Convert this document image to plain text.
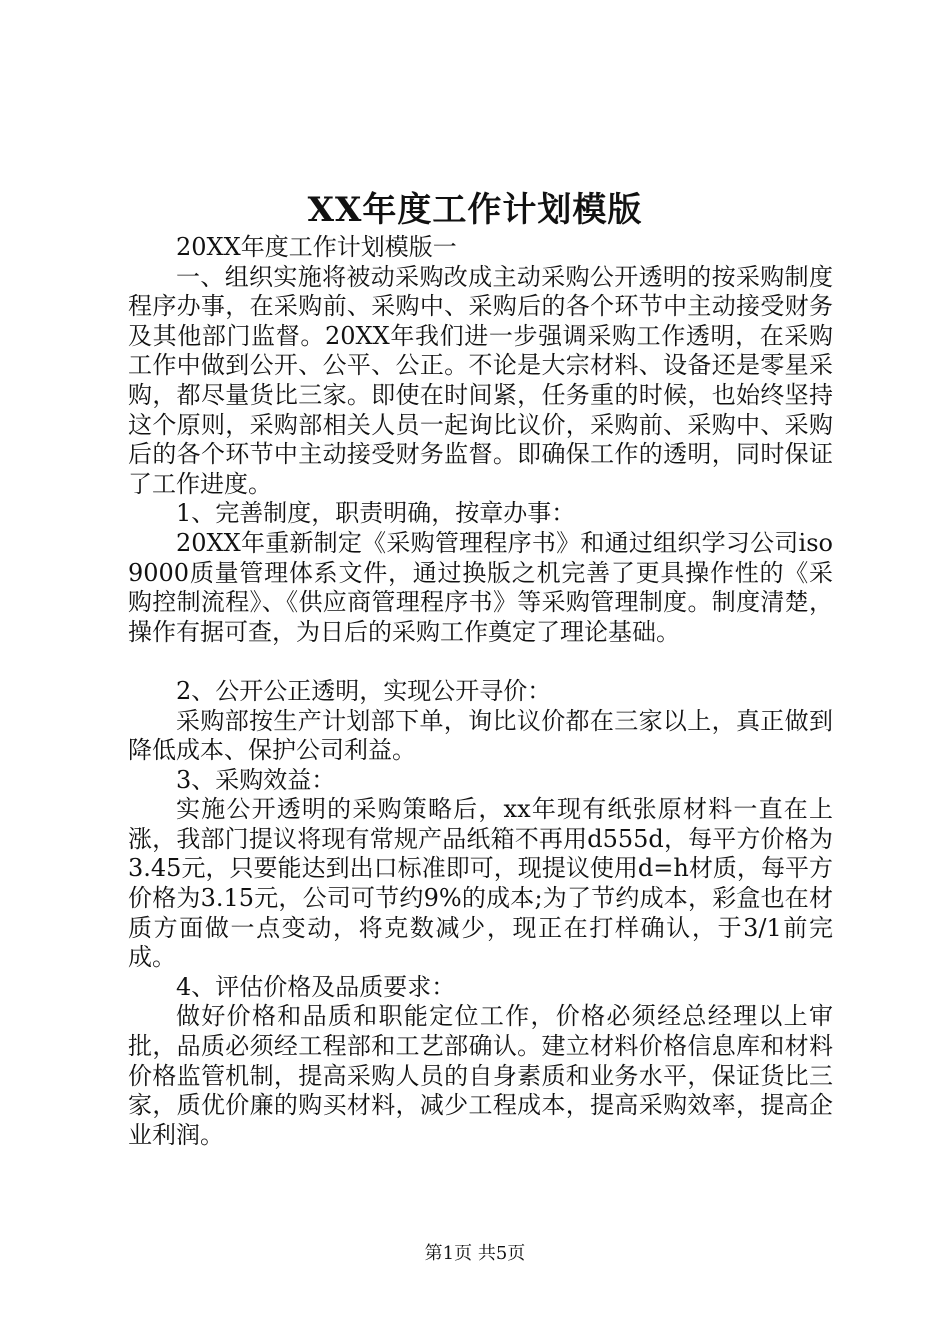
XX年度工作计划模版

20XX年度工作计划模版一

一、组织实施将被动采购改成主动采购公开透明的按采购制度程序办事，在采购前、采购中、采购后的各个环节中主动接受财务及其他部门监督。20XX年我们进一步强调采购工作透明，在采购工作中做到公开、公平、公正。不论是大宗材料、设备还是零星采购，都尽量货比三家。即使在时间紧，任务重的时候，也始终坚持这个原则，采购部相关人员一起询比议价，采购前、采购中、采购后的各个环节中主动接受财务监督。即确保工作的透明，同时保证了工作进度。

1、完善制度，职责明确，按章办事：

20XX年重新制定《采购管理程序书》和通过组织学习公司iso9000质量管理体系文件，通过换版之机完善了更具操作性的《采购控制流程》、《供应商管理程序书》等采购管理制度。制度清楚，操作有据可查，为日后的采购工作奠定了理论基础。

2、公开公正透明，实现公开寻价：

采购部按生产计划部下单，询比议价都在三家以上，真正做到降低成本、保护公司利益。

3、采购效益：

实施公开透明的采购策略后，xx年现有纸张原材料一直在上涨，我部门提议将现有常规产品纸箱不再用d555d，每平方价格为3.45元，只要能达到出口标准即可，现提议使用d=h材质，每平方价格为3.15元，公司可节约9%的成本;为了节约成本，彩盒也在材质方面做一点变动，将克数减少，现正在打样确认，于3/1前完成。

4、评估价格及品质要求：

做好价格和品质和职能定位工作，价格必须经总经理以上审批，品质必须经工程部和工艺部确认。建立材料价格信息库和材料价格监管机制，提高采购人员的自身素质和业务水平，保证货比三家，质优价廉的购买材料，减少工程成本，提高采购效率，提高企业利润。

第1页 共5页
